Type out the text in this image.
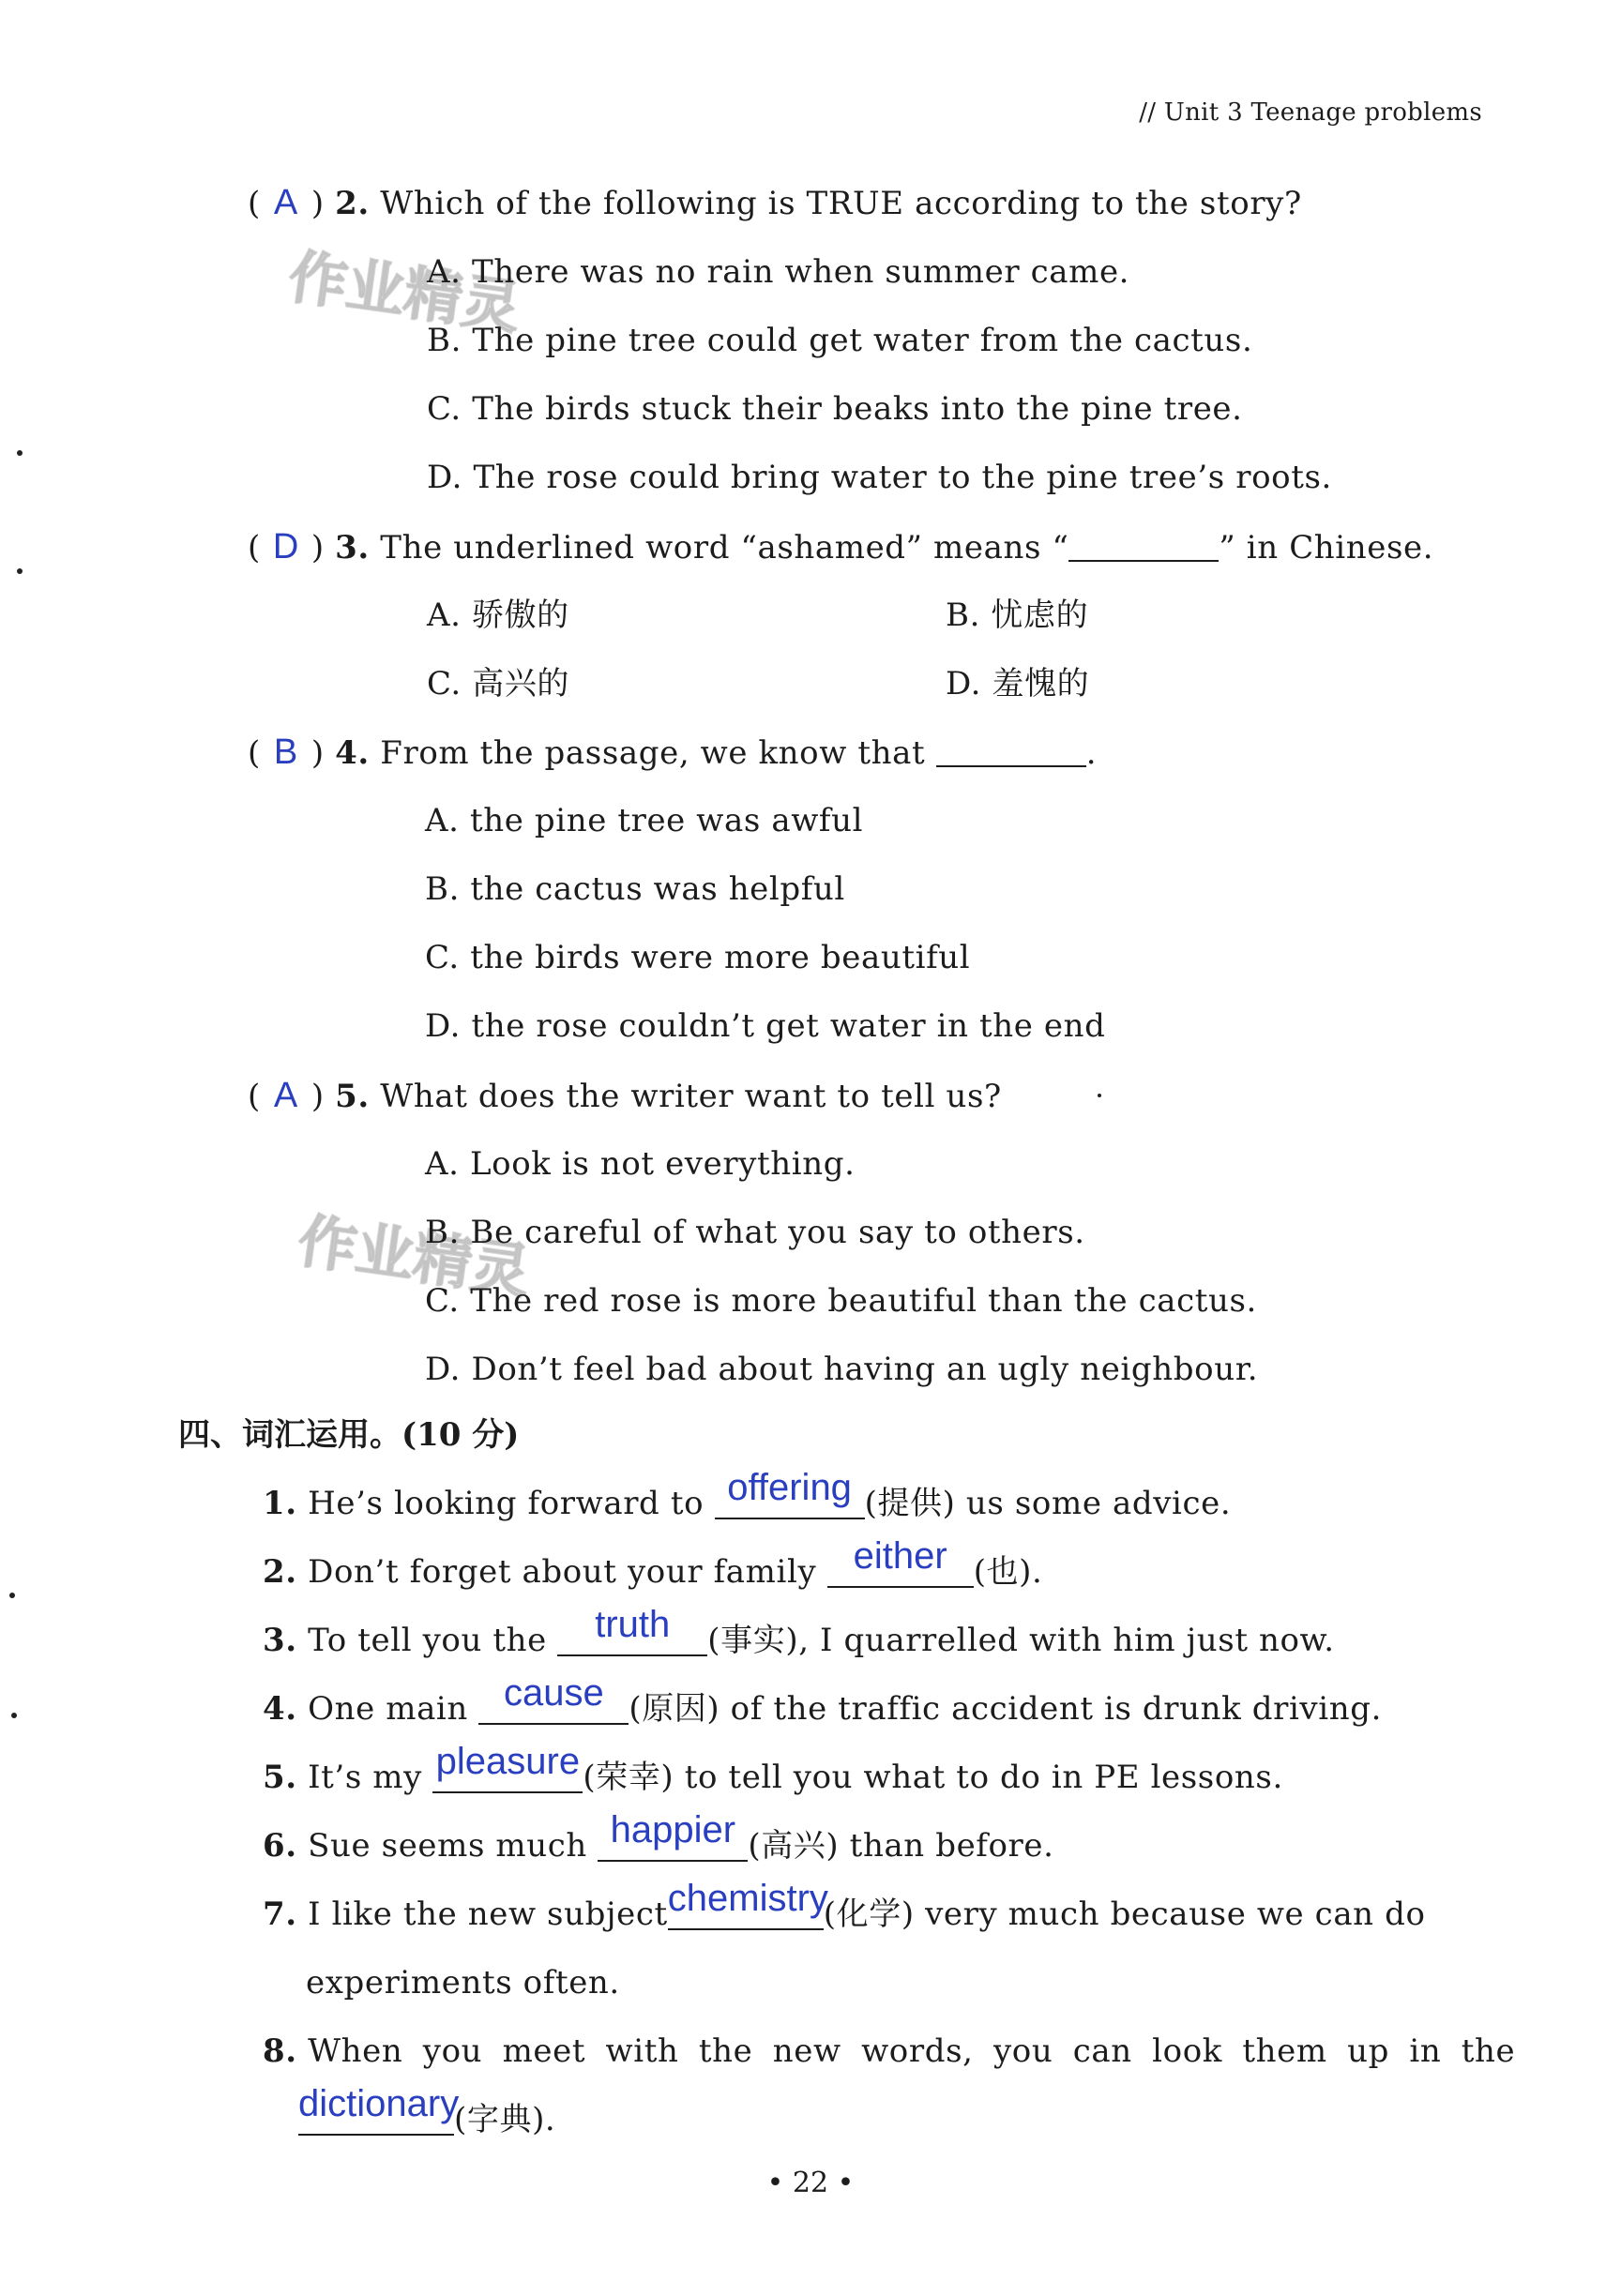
// Unit 3 Teenage problems
作业精灵
作业精灵
( A ) 2. Which of the following is TRUE according to the story?
A. There was no rain when summer came.
B. The pine tree could get water from the cactus.
C. The birds stuck their beaks into the pine tree.
D. The rose could bring water to the pine tree’s roots.
( D ) 3. The underlined word “ashamed” means “	” in Chinese.
A. 骄傲的	B. 忧虑的
C. 高兴的	D. 羞愧的
( B ) 4. From the passage, we know that	.
A. the pine tree was awful
B. the cactus was helpful
C. the birds were more beautiful
D. the rose couldn’t get water in the end
( A ) 5. What does the writer want to tell us?
A. Look is not everything.
B. Be careful of what you say to others.
C. The red rose is more beautiful than the cactus.
D. Don’t feel bad about having an ugly neighbour.
四、词汇运用。(10 分)
1. He’s looking forward to offering (提供) us some advice.
2. Don’t forget about your family either (也).
3. To tell you the	truth	(事实), I quarrelled with him just now.
4. One main cause (原因) of the traffic accident is drunk driving.
5. It’s my pleasure (荣幸) to tell you what to do in PE lessons.
6. Sue seems much happier (高兴) than before.
7. I like the new subject chemistry
(化学) very much because we can do
experiments often.
8. When you meet with the new words, you can look them up in the
dictionary
(字典).
• 22 •
